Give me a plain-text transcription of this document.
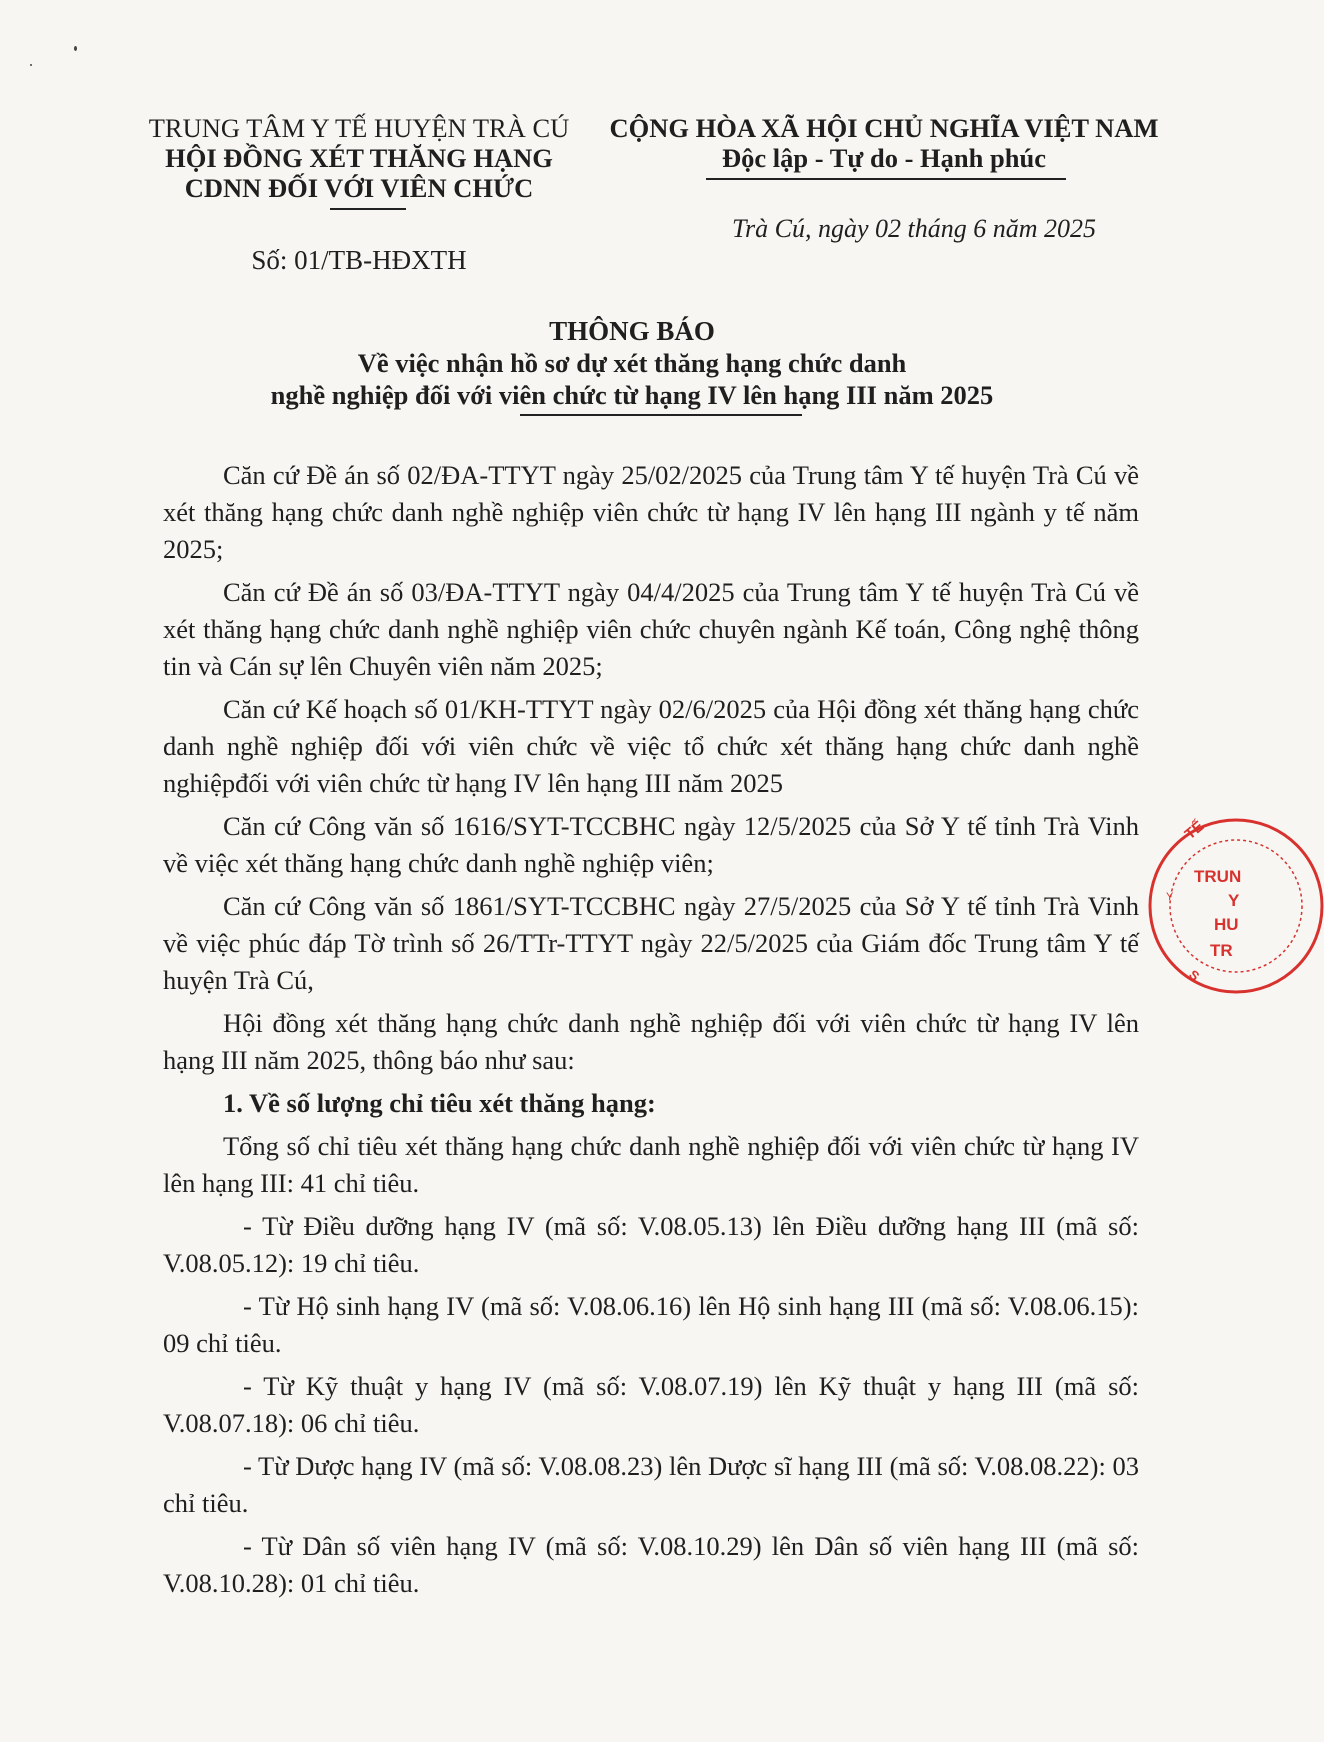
TRUNG TÂM Y TẾ HUYỆN TRÀ CÚ
HỘI ĐỒNG XÉT THĂNG HẠNG
CDNN ĐỐI VỚI VIÊN CHỨC
CỘNG HÒA XÃ HỘI CHỦ NGHĨA VIỆT NAM
Độc lập - Tự do - Hạnh phúc
Trà Cú, ngày 02 tháng 6 năm 2025
Số: 01/TB-HĐXTH
THÔNG BÁO
Về việc nhận hồ sơ dự xét thăng hạng chức danh
nghề nghiệp đối với viên chức từ hạng IV lên hạng III năm 2025

Căn cứ Đề án số 02/ĐA-TTYT ngày 25/02/2025 của Trung tâm Y tế huyện Trà Cú về xét thăng hạng chức danh nghề nghiệp viên chức từ hạng IV lên hạng III ngành y tế năm 2025;

Căn cứ Đề án số 03/ĐA-TTYT ngày 04/4/2025 của Trung tâm Y tế huyện Trà Cú về xét thăng hạng chức danh nghề nghiệp viên chức chuyên ngành Kế toán, Công nghệ thông tin và Cán sự lên Chuyên viên năm 2025;

Căn cứ Kế hoạch số 01/KH-TTYT ngày 02/6/2025 của Hội đồng xét thăng hạng chức danh nghề nghiệp đối với viên chức về việc tổ chức xét thăng hạng chức danh nghề nghiệpđối với viên chức từ hạng IV lên hạng III năm 2025

Căn cứ Công văn số 1616/SYT-TCCBHC ngày 12/5/2025 của Sở Y tế tỉnh Trà Vinh về việc xét thăng hạng chức danh nghề nghiệp viên;

Căn cứ Công văn số 1861/SYT-TCCBHC ngày 27/5/2025 của Sở Y tế tỉnh Trà Vinh về việc phúc đáp Tờ trình số 26/TTr-TTYT ngày 22/5/2025 của Giám đốc Trung tâm Y tế huyện Trà Cú,

Hội đồng xét thăng hạng chức danh nghề nghiệp đối với viên chức từ hạng IV lên hạng III năm 2025, thông báo như sau:

1. Về số lượng chỉ tiêu xét thăng hạng:

Tổng số chỉ tiêu xét thăng hạng chức danh nghề nghiệp đối với viên chức từ hạng IV lên hạng III: 41 chỉ tiêu.

- Từ Điều dưỡng hạng IV (mã số: V.08.05.13) lên Điều dưỡng hạng III (mã số: V.08.05.12): 19 chỉ tiêu.

- Từ Hộ sinh hạng IV (mã số: V.08.06.16) lên Hộ sinh hạng III (mã số: V.08.06.15): 09 chỉ tiêu.

- Từ Kỹ thuật y hạng IV (mã số: V.08.07.19) lên Kỹ thuật y hạng III (mã số: V.08.07.18): 06 chỉ tiêu.

- Từ Dược hạng IV (mã số: V.08.08.23) lên Dược sĩ hạng III (mã số: V.08.08.22): 03 chỉ tiêu.

- Từ Dân số viên hạng IV (mã số: V.08.10.29) lên Dân số viên hạng III (mã số: V.08.10.28): 01 chỉ tiêu.

TẾ
Y
S
TRUN
Y
HU
TR
